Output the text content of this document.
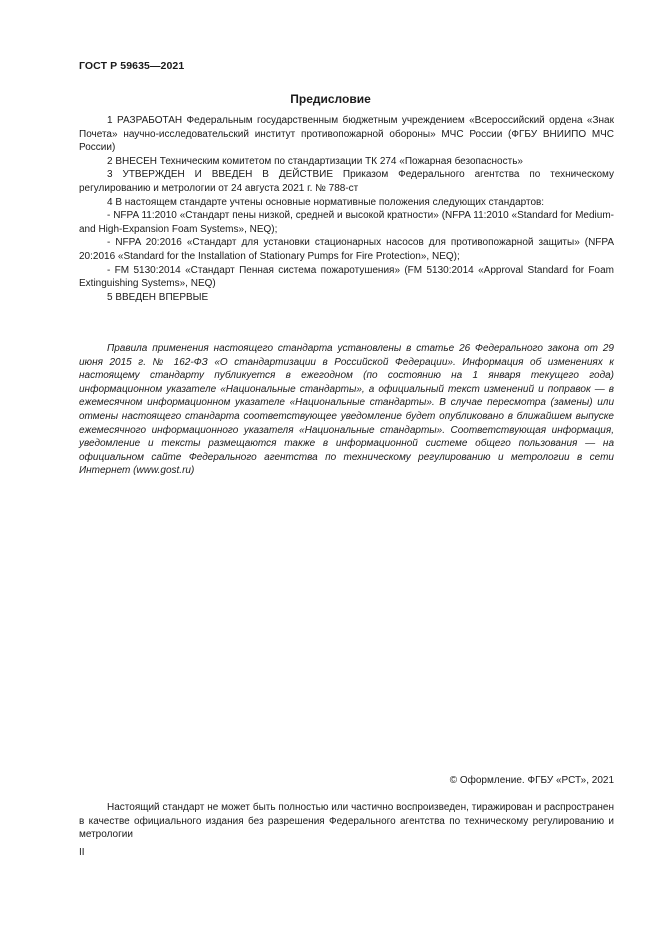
ГОСТ Р 59635—2021
Предисловие

1 РАЗРАБОТАН Федеральным государственным бюджетным учреждением «Всероссийский ордена «Знак Почета» научно-исследовательский институт противопожарной обороны» МЧС России (ФГБУ ВНИИПО МЧС России)

2 ВНЕСЕН Техническим комитетом по стандартизации ТК 274 «Пожарная безопасность»

3 УТВЕРЖДЕН И ВВЕДЕН В ДЕЙСТВИЕ Приказом Федерального агентства по техническому регулированию и метрологии от 24 августа 2021 г. № 788-ст

4 В настоящем стандарте учтены основные нормативные положения следующих стандартов:

- NFPA 11:2010 «Стандарт пены низкой, средней и высокой кратности» (NFPA 11:2010 «Standard for Medium- and High-Expansion Foam Systems», NEQ);

- NFPA 20:2016 «Стандарт для установки стационарных насосов для противопожарной защиты» (NFPA 20:2016 «Standard for the Installation of Stationary Pumps for Fire Protection», NEQ);

- FM 5130:2014 «Стандарт Пенная система пожаротушения» (FM 5130:2014 «Approval Standard for Foam Extinguishing Systems», NEQ)

5 ВВЕДЕН ВПЕРВЫЕ

Правила применения настоящего стандарта установлены в статье 26 Федерального закона от 29 июня 2015 г. № 162-ФЗ «О стандартизации в Российской Федерации». Информация об изменениях к настоящему стандарту публикуется в ежегодном (по состоянию на 1 января текущего года) информационном указателе «Национальные стандарты», а официальный текст изменений и поправок — в ежемесячном информационном указателе «Национальные стандарты». В случае пересмотра (замены) или отмены настоящего стандарта соответствующее уведомление будет опубликовано в ближайшем выпуске ежемесячного информационного указателя «Национальные стандарты». Соответствующая информация, уведомление и тексты размещаются также в информационной системе общего пользования — на официальном сайте Федерального агентства по техническому регулированию и метрологии в сети Интернет (www.gost.ru)

© Оформление. ФГБУ «РСТ», 2021

Настоящий стандарт не может быть полностью или частично воспроизведен, тиражирован и распространен в качестве официального издания без разрешения Федерального агентства по техническому регулированию и метрологии

II
